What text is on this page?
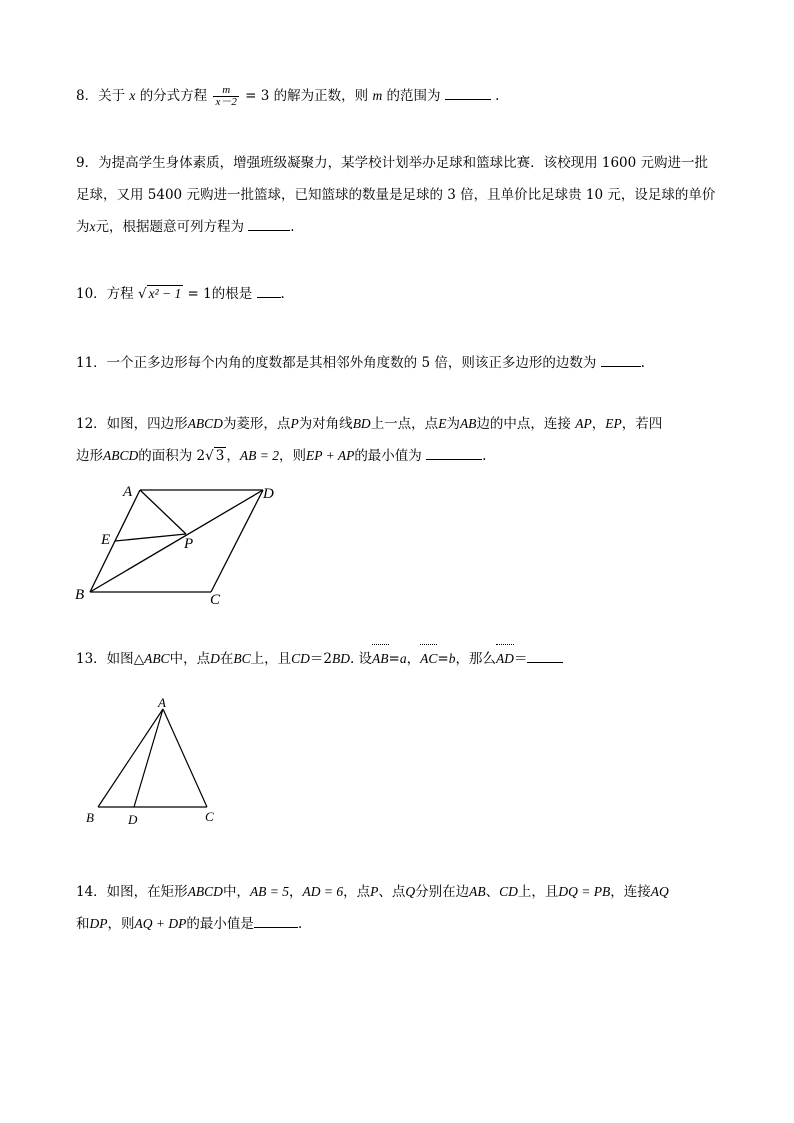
8．关于 x 的分式方程 $\frac{m}{x-2} = 3$ 的解为正数，则 m 的范围为	.
9．为提高学生身体素质，增强班级凝聚力，某学校计划举办足球和篮球比赛．该校现用 1600 元购进一批
足球，又用 5400 元购进一批篮球，已知篮球的数量是足球的 3 倍，且单价比足球贵 10 元，设足球的单价
为x元，根据题意可列方程为	.
10．方程 √ x² − 1 = 1的根是 .
11．一个正多边形每个内角的度数都是其相邻外角度数的 5 倍，则该正多边形的边数为	.
12．如图，四边形ABCD为菱形，点P为对角线BD上一点，点E为AB边的中点，连接 AP，EP，若四
边形ABCD的面积为 2√ 3 ，AB = 2，则EP + AP的最小值为	.
A	D
E	P
B	C
13．如图△ABC中，点D在BC上，且CD＝2BD. 设AB=a，AC=b，那么AD＝
A
B	D	C
14．如图，在矩形ABCD中，AB = 5，AD = 6，点P、点Q分别在边AB、CD上，且DQ = PB，连接AQ
和DP，则AQ + DP的最小值是	.
